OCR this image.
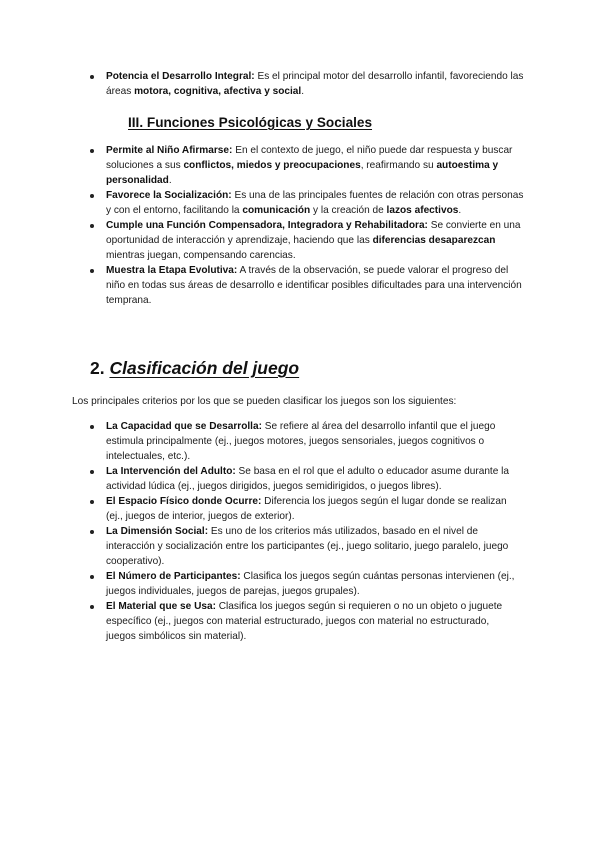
Potencia el Desarrollo Integral: Es el principal motor del desarrollo infantil, favoreciendo las áreas motora, cognitiva, afectiva y social.
III. Funciones Psicológicas y Sociales
Permite al Niño Afirmarse: En el contexto de juego, el niño puede dar respuesta y buscar soluciones a sus conflictos, miedos y preocupaciones, reafirmando su autoestima y personalidad.
Favorece la Socialización: Es una de las principales fuentes de relación con otras personas y con el entorno, facilitando la comunicación y la creación de lazos afectivos.
Cumple una Función Compensadora, Integradora y Rehabilitadora: Se convierte en una oportunidad de interacción y aprendizaje, haciendo que las diferencias desaparezcan mientras juegan, compensando carencias.
Muestra la Etapa Evolutiva: A través de la observación, se puede valorar el progreso del niño en todas sus áreas de desarrollo e identificar posibles dificultades para una intervención temprana.
2. Clasificación del juego

Los principales criterios por los que se pueden clasificar los juegos son los siguientes:

La Capacidad que se Desarrolla: Se refiere al área del desarrollo infantil que el juego estimula principalmente (ej., juegos motores, juegos sensoriales, juegos cognitivos o intelectuales, etc.).
La Intervención del Adulto: Se basa en el rol que el adulto o educador asume durante la actividad lúdica (ej., juegos dirigidos, juegos semidirigidos, o juegos libres).
El Espacio Físico donde Ocurre: Diferencia los juegos según el lugar donde se realizan (ej., juegos de interior, juegos de exterior).
La Dimensión Social: Es uno de los criterios más utilizados, basado en el nivel de interacción y socialización entre los participantes (ej., juego solitario, juego paralelo, juego cooperativo).
El Número de Participantes: Clasifica los juegos según cuántas personas intervienen (ej., juegos individuales, juegos de parejas, juegos grupales).
El Material que se Usa: Clasifica los juegos según si requieren o no un objeto o juguete específico (ej., juegos con material estructurado, juegos con material no estructurado, juegos simbólicos sin material).
